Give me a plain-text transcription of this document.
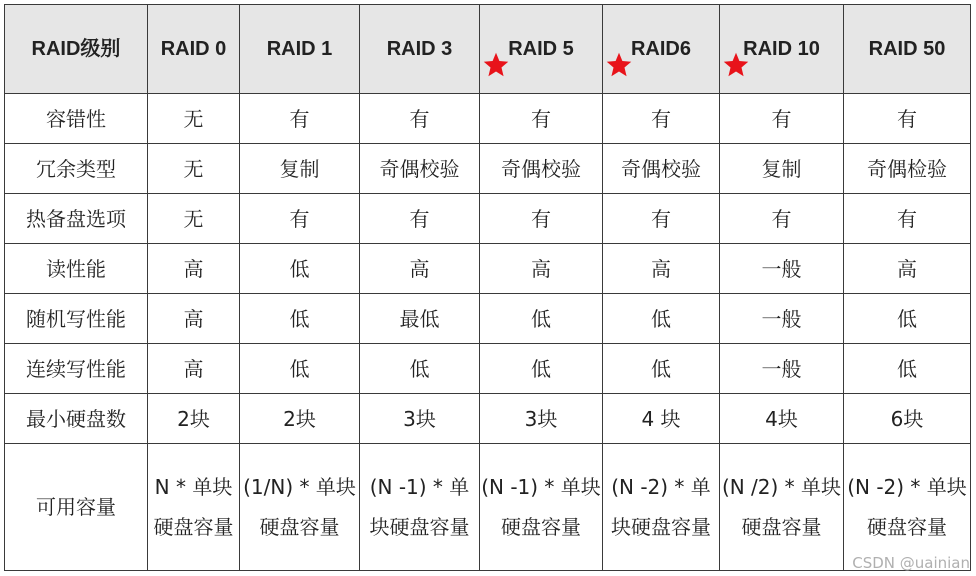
RAID级别	RAID 0	RAID 1	RAID 3	RAID 5	RAID6	RAID 10	RAID 50
容错性	无	有	有	有	有	有	有
冗余类型	无	复制	奇偶校验	奇偶校验	奇偶校验	复制	奇偶检验
热备盘选项	无	有	有	有	有	有	有
读性能	高	低	高	高	高	一般	高
随机写性能	高	低	最低	低	低	一般	低
连续写性能	高	低	低	低	低	一般	低
最小硬盘数	2块	2块	3块	3块	4 块	4块	6块
可用容量	N * 单块硬盘容量	(1/N) * 单块硬盘容量	(N -1) * 单块硬盘容量	(N -1) * 单块硬盘容量	(N -2) * 单块硬盘容量	(N /2) * 单块硬盘容量	(N -2) * 单块硬盘容量
CSDN @uainian
